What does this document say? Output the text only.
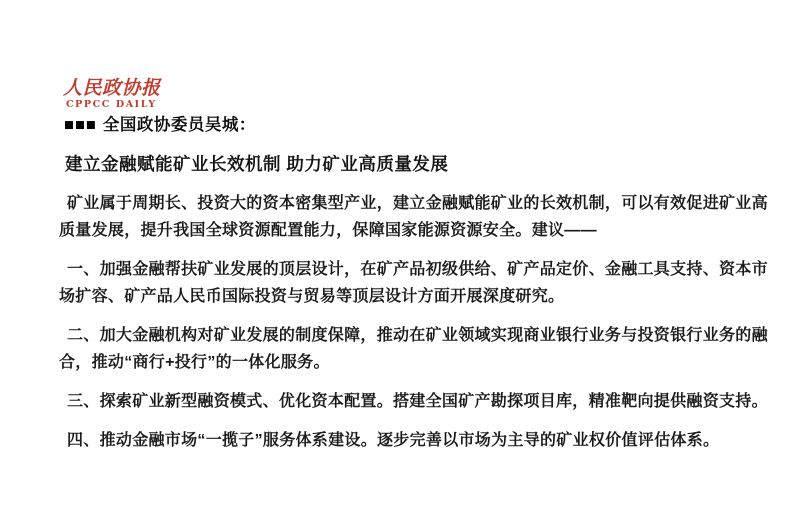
人民政协报
CPPCC DAILY
■■■ 全国政协委员吴城：
建立金融赋能矿业长效机制 助力矿业高质量发展

矿业属于周期长、投资大的资本密集型产业，建立金融赋能矿业的长效机制，可以有效促进矿业高质量发展，提升我国全球资源配置能力，保障国家能源资源安全。建议——

一、加强金融帮扶矿业发展的顶层设计，在矿产品初级供给、矿产品定价、金融工具支持、资本市场扩容、矿产品人民币国际投资与贸易等顶层设计方面开展深度研究。

二、加大金融机构对矿业发展的制度保障，推动在矿业领域实现商业银行业务与投资银行业务的融合，推动“商行+投行”的一体化服务。

三、探索矿业新型融资模式、优化资本配置。搭建全国矿产勘探项目库，精准靶向提供融资支持。

四、推动金融市场“一揽子”服务体系建设。逐步完善以市场为主导的矿业权价值评估体系。
